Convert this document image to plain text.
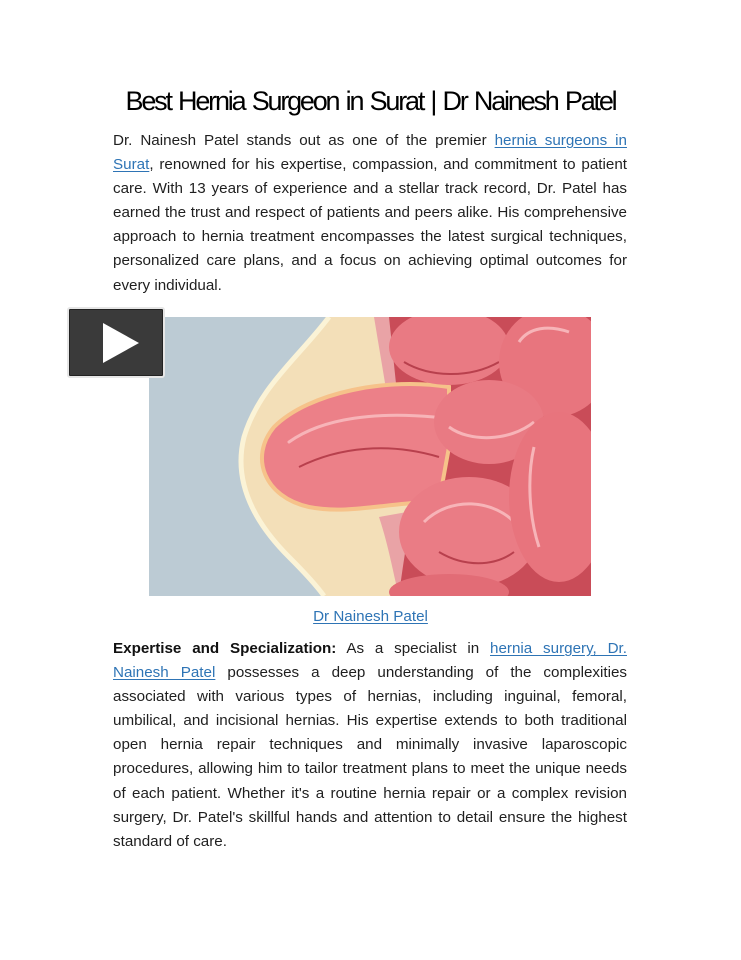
Best Hernia Surgeon in Surat | Dr Nainesh Patel

Dr. Nainesh Patel stands out as one of the premier hernia surgeons in Surat, renowned for his expertise, compassion, and commitment to patient care. With 13 years of experience and a stellar track record, Dr. Patel has earned the trust and respect of patients and peers alike. His comprehensive approach to hernia treatment encompasses the latest surgical techniques, personalized care plans, and a focus on achieving optimal outcomes for every individual.

Dr Nainesh Patel

Expertise and Specialization: As a specialist in hernia surgery, Dr. Nainesh Patel possesses a deep understanding of the complexities associated with various types of hernias, including inguinal, femoral, umbilical, and incisional hernias. His expertise extends to both traditional open hernia repair techniques and minimally invasive laparoscopic procedures, allowing him to tailor treatment plans to meet the unique needs of each patient. Whether it's a routine hernia repair or a complex revision surgery, Dr. Patel's skillful hands and attention to detail ensure the highest standard of care.
